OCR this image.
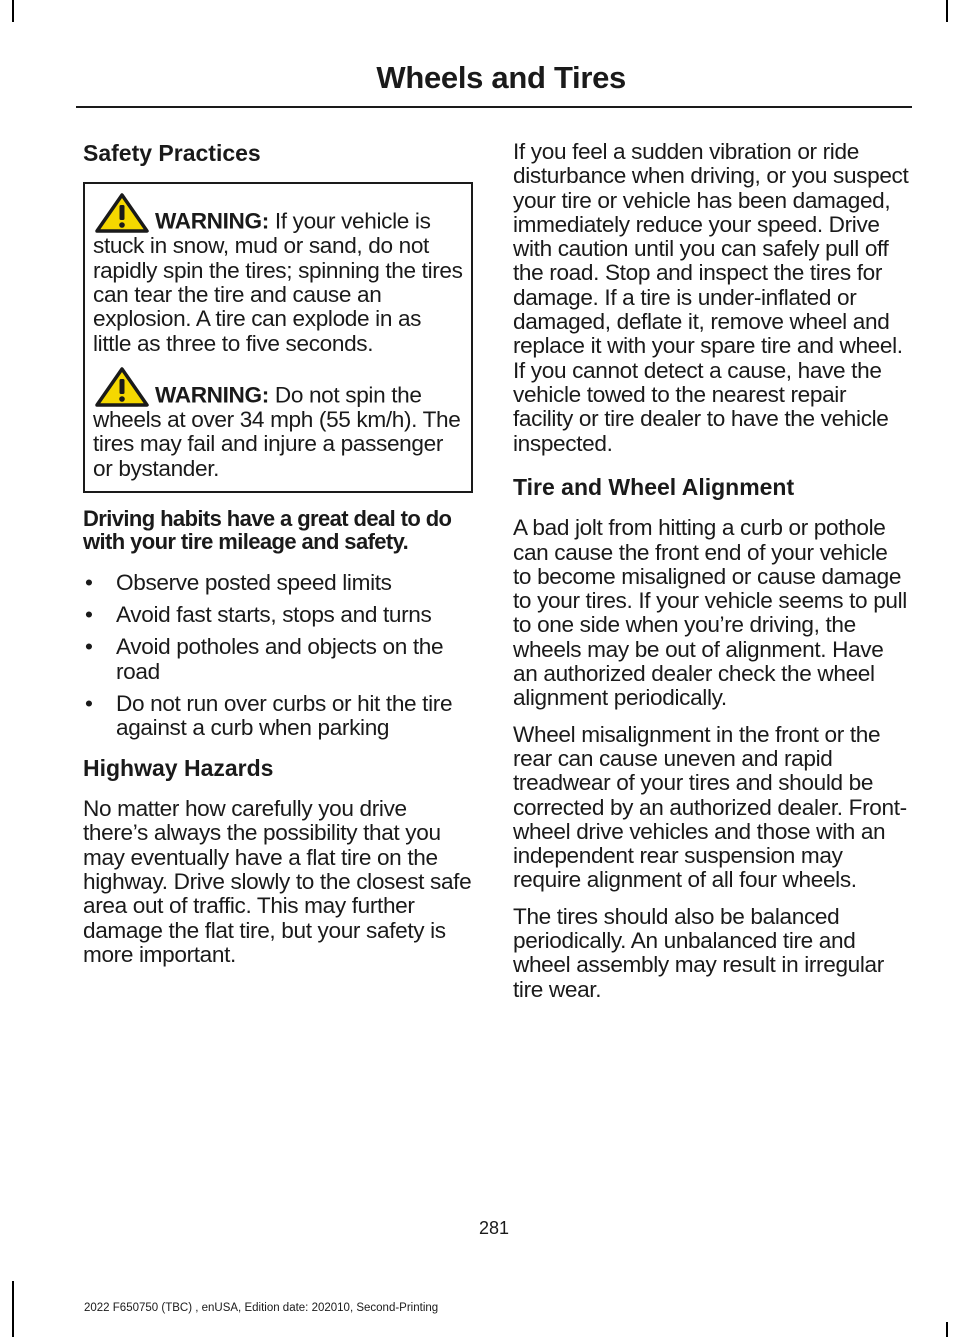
Wheels and Tires
Safety Practices
WARNING: If your vehicle is stuck in snow, mud or sand, do not rapidly spin the tires; spinning the tires can tear the tire and cause an explosion. A tire can explode in as little as three to five seconds.
WARNING: Do not spin the wheels at over 34 mph (55 km/h). The tires may fail and injure a passenger or bystander.
Driving habits have a great deal to do with your tire mileage and safety.
• Observe posted speed limits
• Avoid fast starts, stops and turns
• Avoid potholes and objects on the road
• Do not run over curbs or hit the tire against a curb when parking
Highway Hazards

No matter how carefully you drive there’s always the possibility that you may eventually have a flat tire on the highway. Drive slowly to the closest safe area out of traffic. This may further damage the flat tire, but your safety is more important.

If you feel a sudden vibration or ride disturbance when driving, or you suspect your tire or vehicle has been damaged, immediately reduce your speed. Drive with caution until you can safely pull off the road. Stop and inspect the tires for damage. If a tire is under-inflated or damaged, deflate it, remove wheel and replace it with your spare tire and wheel. If you cannot detect a cause, have the vehicle towed to the nearest repair facility or tire dealer to have the vehicle inspected.

Tire and Wheel Alignment

A bad jolt from hitting a curb or pothole can cause the front end of your vehicle to become misaligned or cause damage to your tires. If your vehicle seems to pull to one side when you’re driving, the wheels may be out of alignment. Have an authorized dealer check the wheel alignment periodically.

Wheel misalignment in the front or the rear can cause uneven and rapid treadwear of your tires and should be corrected by an authorized dealer. Front-wheel drive vehicles and those with an independent rear suspension may require alignment of all four wheels.

The tires should also be balanced periodically. An unbalanced tire and wheel assembly may result in irregular tire wear.

281
2022 F650750 (TBC) , enUSA, Edition date: 202010, Second-Printing
